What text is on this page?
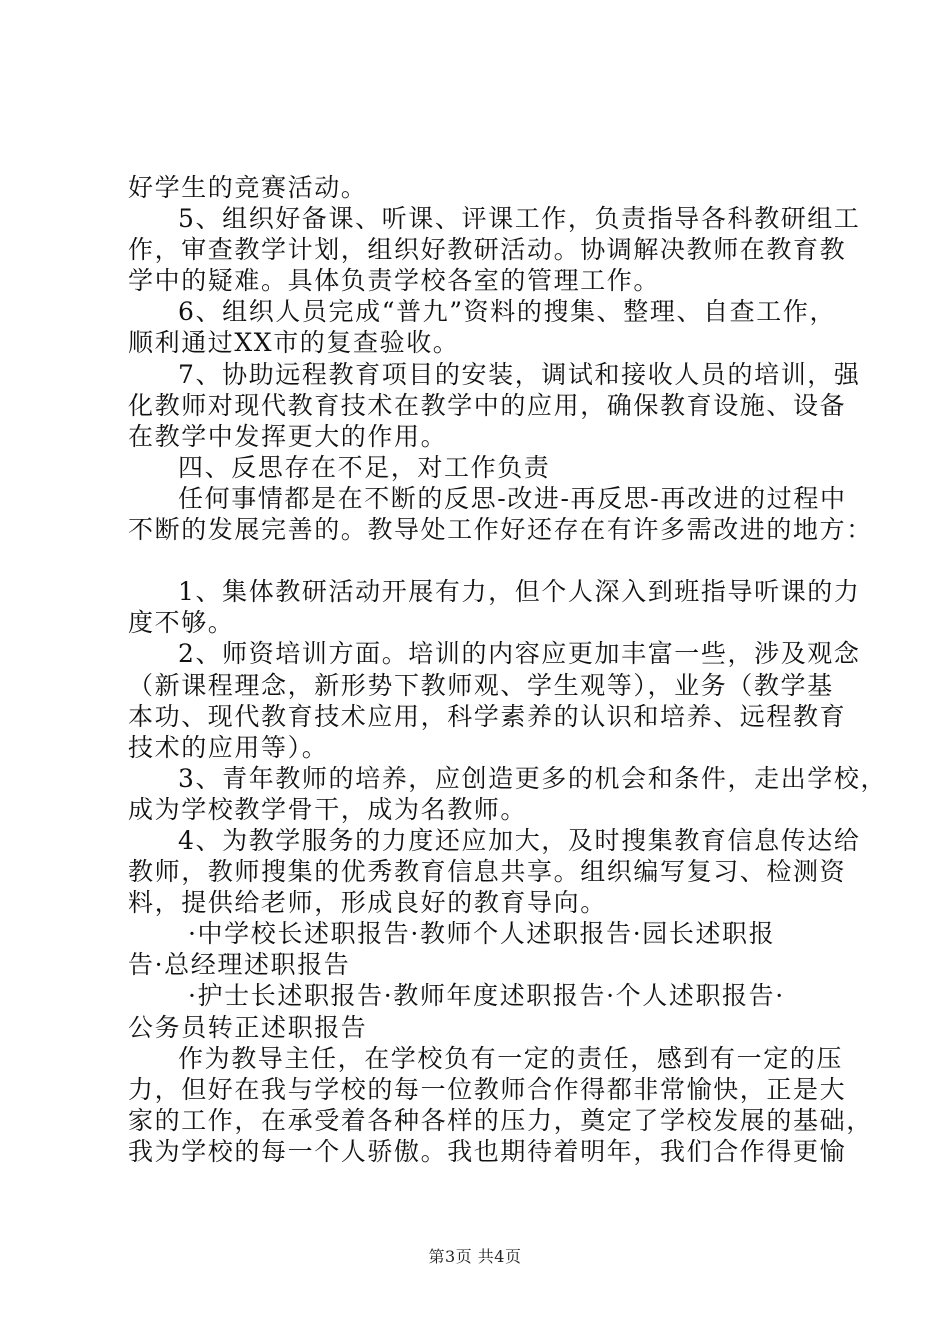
好学生的竞赛活动。
5、组织好备课、听课、评课工作，负责指导各科教研组工
作，审查教学计划，组织好教研活动。协调解决教师在教育教
学中的疑难。具体负责学校各室的管理工作。
6、组织人员完成“普九”资料的搜集、整理、自查工作，
顺利通过XX市的复查验收。
7、协助远程教育项目的安装，调试和接收人员的培训，强
化教师对现代教育技术在教学中的应用，确保教育设施、设备
在教学中发挥更大的作用。
四、反思存在不足，对工作负责
任何事情都是在不断的反思-改进-再反思-再改进的过程中
不断的发展完善的。教导处工作好还存在有许多需改进的地方：
1、集体教研活动开展有力，但个人深入到班指导听课的力
度不够。
2、师资培训方面。培训的内容应更加丰富一些，涉及观念
（新课程理念，新形势下教师观、学生观等），业务（教学基
本功、现代教育技术应用，科学素养的认识和培养、远程教育
技术的应用等）。
3、青年教师的培养，应创造更多的机会和条件，走出学校，
成为学校教学骨干，成为名教师。
4、为教学服务的力度还应加大，及时搜集教育信息传达给
教师，教师搜集的优秀教育信息共享。组织编写复习、检测资
料，提供给老师，形成良好的教育导向。
·中学校长述职报告·教师个人述职报告·园长述职报
告·总经理述职报告
·护士长述职报告·教师年度述职报告·个人述职报告·
公务员转正述职报告
作为教导主任，在学校负有一定的责任，感到有一定的压
力，但好在我与学校的每一位教师合作得都非常愉快，正是大
家的工作，在承受着各种各样的压力，奠定了学校发展的基础，
我为学校的每一个人骄傲。我也期待着明年，我们合作得更愉
第3页 共4页
